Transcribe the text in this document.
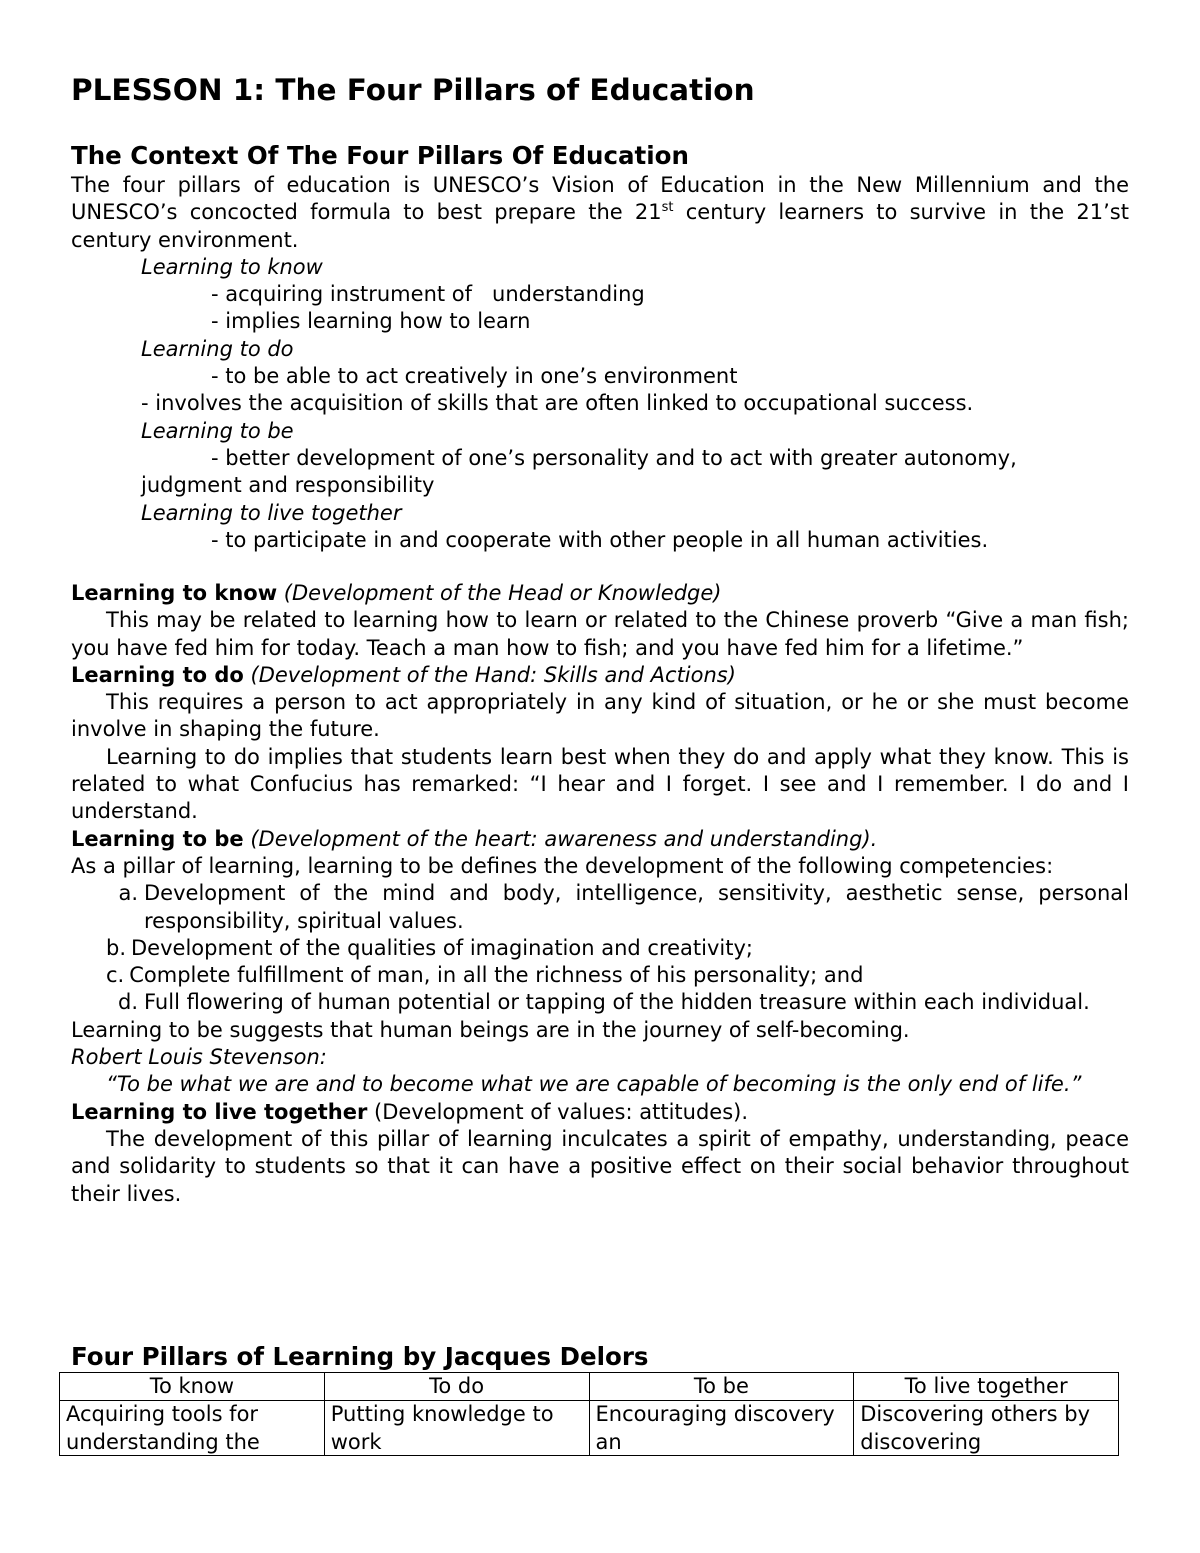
PLESSON 1: The Four Pillars of Education
The Context Of The Four Pillars Of Education

The four pillars of education is UNESCO’s Vision of Education in the New Millennium and the UNESCO’s concocted formula to best prepare the 21st century learners to survive in the 21’st century environment.

Learning to know

- acquiring instrument of   understanding

- implies learning how to learn

Learning to do

- to be able to act creatively in one’s environment

- involves the acquisition of skills that are often linked to occupational success.

Learning to be

- better development of one’s personality and to act with greater autonomy,

judgment and responsibility

Learning to live together

- to participate in and cooperate with other people in all human activities.

Learning to know (Development of the Head or Knowledge)

This may be related to learning how to learn or related to the Chinese proverb “Give a man fish; you have fed him for today. Teach a man how to fish; and you have fed him for a lifetime.”

Learning to do (Development of the Hand: Skills and Actions)

This requires a person to act appropriately in any kind of situation, or he or she must become involve in shaping the future.

Learning to do implies that students learn best when they do and apply what they know. This is related to what Confucius has remarked: “I hear and I forget. I see and I remember. I do and I understand.

Learning to be (Development of the heart: awareness and understanding).

As a pillar of learning, learning to be defines the development of the following competencies:

a. Development of the mind and body, intelligence, sensitivity, aesthetic sense, personal responsibility, spiritual values.
b. Development of the qualities of imagination and creativity;
c. Complete fulfillment of man, in all the richness of his personality; and
d. Full flowering of human potential or tapping of the hidden treasure within each individual.

Learning to be suggests that human beings are in the journey of self-becoming.

Robert Louis Stevenson:

“To be what we are and to become what we are capable of becoming is the only end of life.”

Learning to live together (Development of values: attitudes).

The development of this pillar of learning inculcates a spirit of empathy, understanding, peace and solidarity to students so that it can have a positive effect on their social behavior throughout their lives.

Four Pillars of Learning by Jacques Delors
To know	To do	To be	To live together

Acquiring tools for understanding the	Putting knowledge to work	Encouraging discovery an	Discovering others by discovering
